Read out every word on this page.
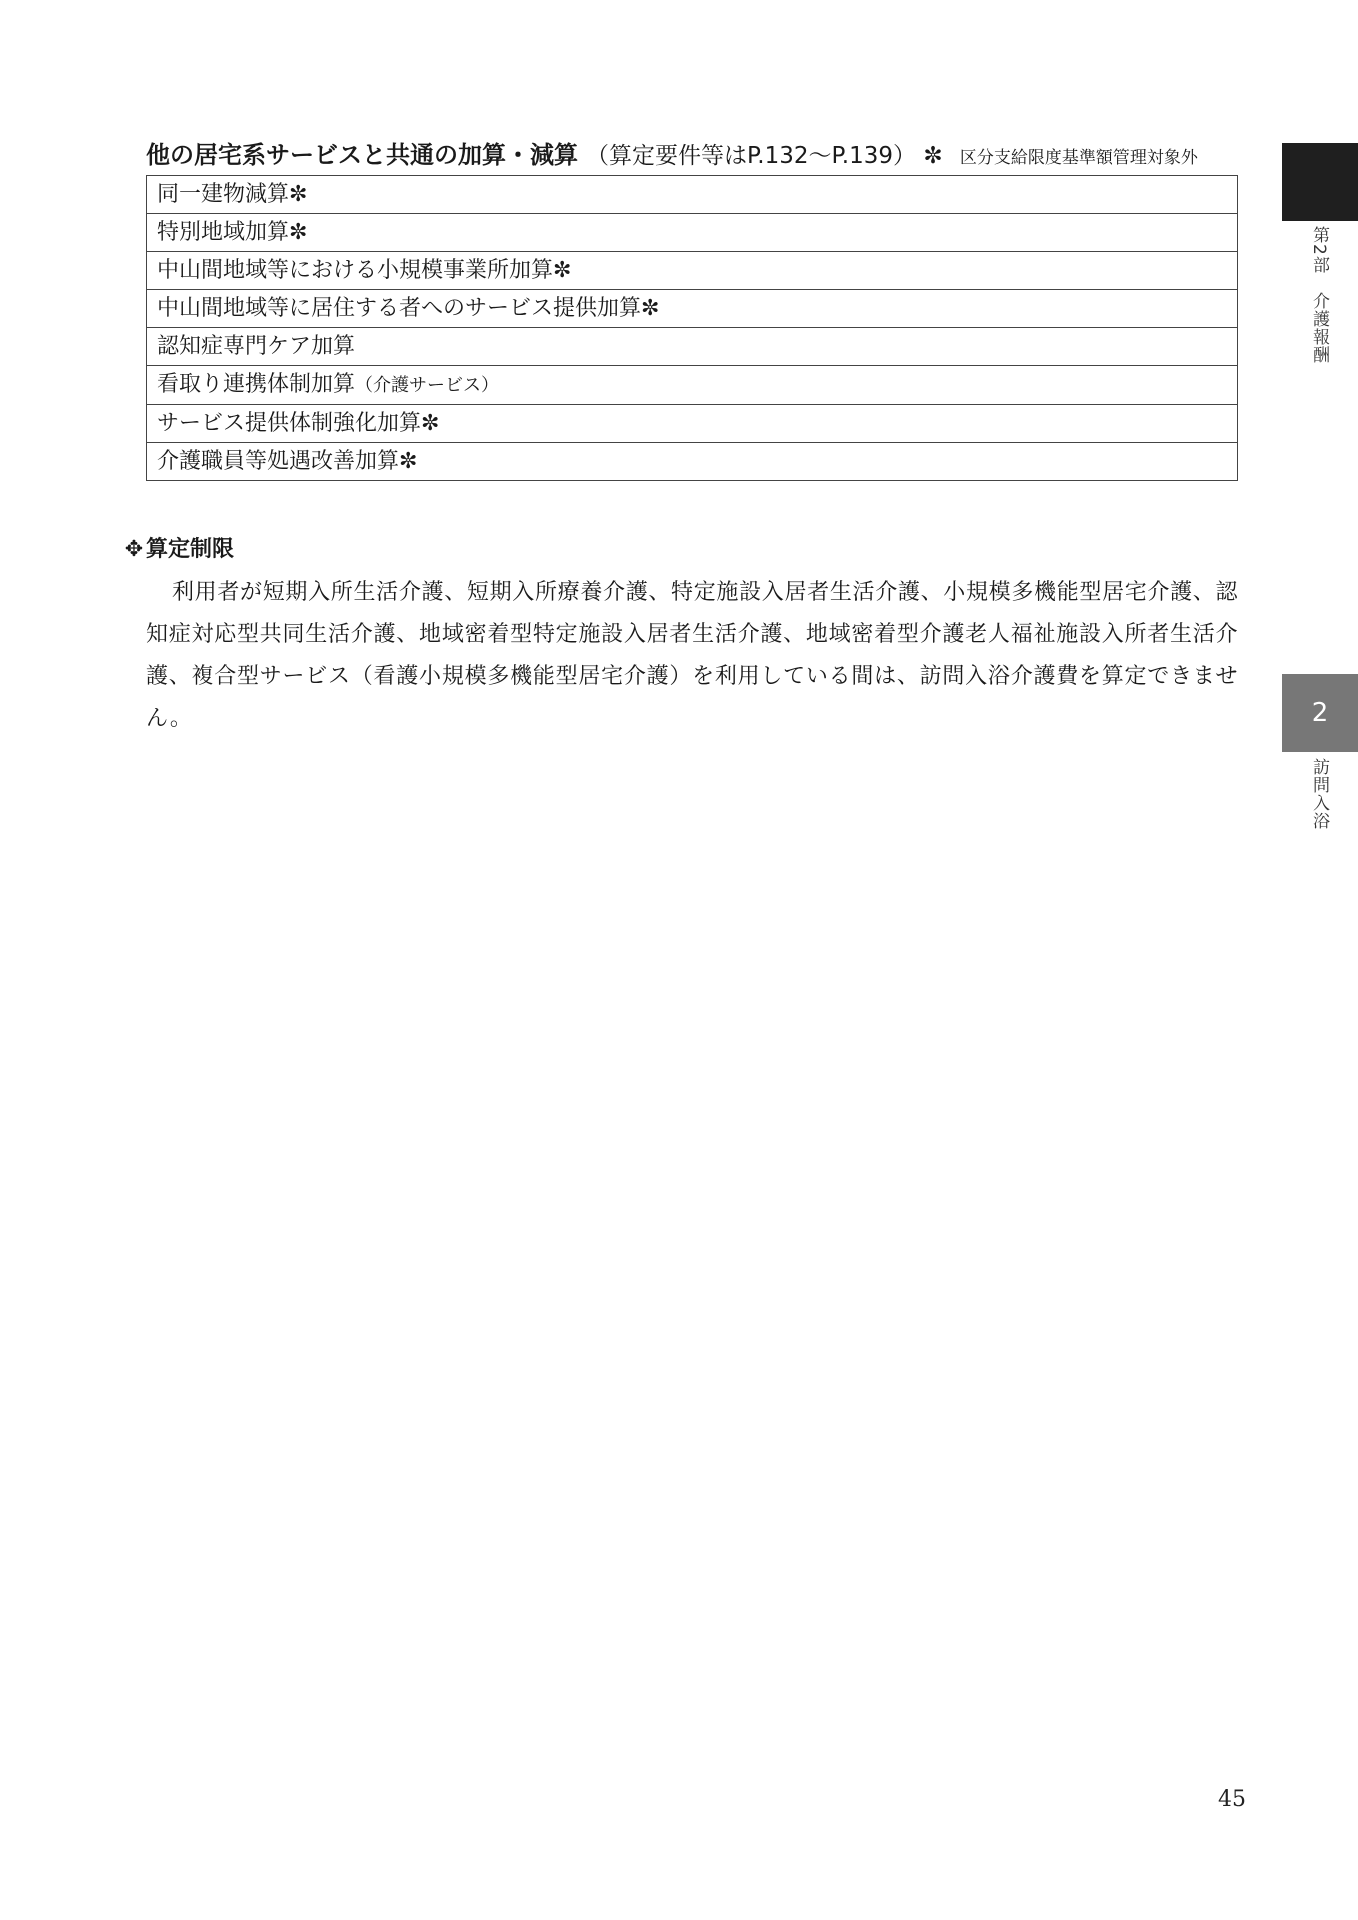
他の居宅系サービスと共通の加算・減算 （算定要件等はP.132～P.139） ✼ 区分支給限度基準額管理対象外
同一建物減算✼
特別地域加算✼
中山間地域等における小規模事業所加算✼
中山間地域等に居住する者へのサービス提供加算✼
認知症専門ケア加算
看取り連携体制加算（介護サービス）
サービス提供体制強化加算✼
介護職員等処遇改善加算✼
✥ 算定制限

利用者が短期入所生活介護、短期入所療養介護、特定施設入居者生活介護、小規模多機能型居宅介護、認知症対応型共同生活介護、地域密着型特定施設入居者生活介護、地域密着型介護老人福祉施設入所者生活介護、複合型サービス（看護小規模多機能型居宅介護）を利用している間は、訪問入浴介護費を算定できません。

第2部　介護報酬
2
訪問入浴
45
